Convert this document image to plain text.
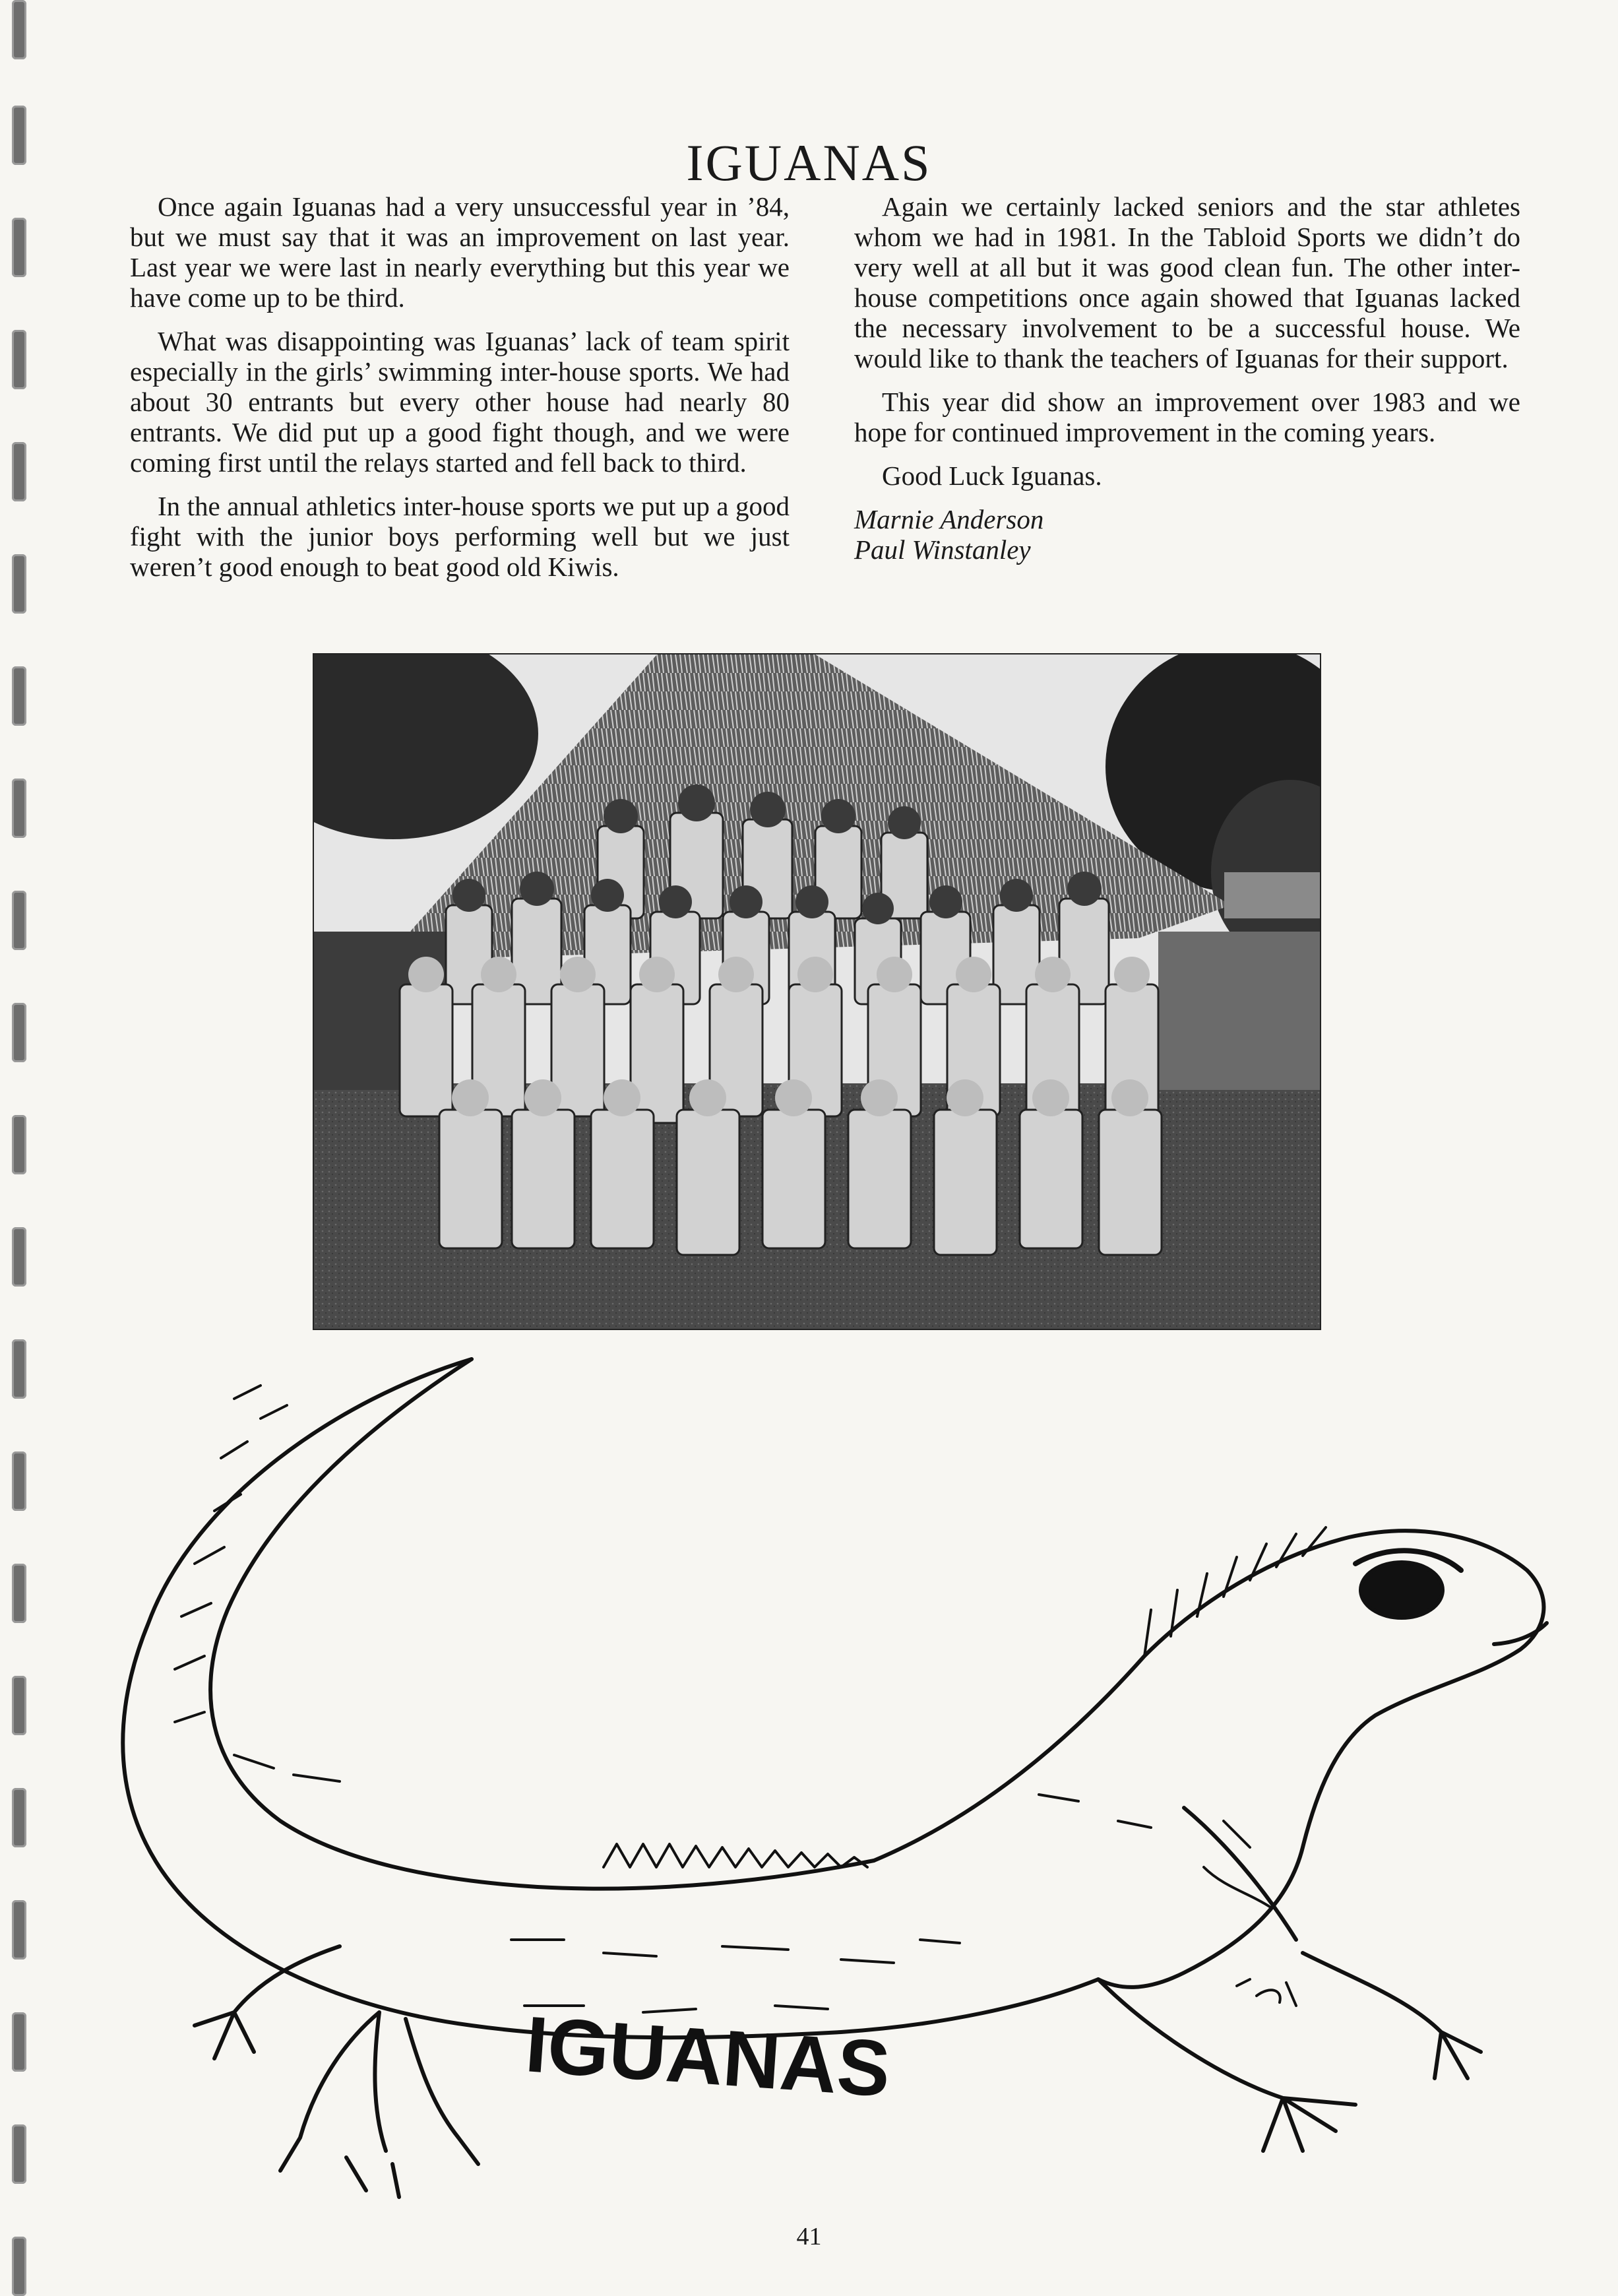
IGUANAS

Once again Iguanas had a very unsuccessful year in ’84, but we must say that it was an improvement on last year. Last year we were last in nearly everything but this year we have come up to be third.

What was disappointing was Iguanas’ lack of team spirit especially in the girls’ swimming inter-house sports. We had about 30 entrants but every other house had nearly 80 entrants. We did put up a good fight though, and we were coming first until the relays started and fell back to third.

In the annual athletics inter-house sports we put up a good fight with the junior boys performing well but we just weren’t good enough to beat good old Kiwis.

Again we certainly lacked seniors and the star athletes whom we had in 1981. In the Tabloid Sports we didn’t do very well at all but it was good clean fun. The other inter-house competitions once again showed that Iguanas lacked the necessary involvement to be a successful house. We would like to thank the teachers of Iguanas for their support.

This year did show an improvement over 1983 and we hope for continued improvement in the coming years.

Good Luck Iguanas.

Marnie Anderson

Paul Winstanley

IGUANAS
41
